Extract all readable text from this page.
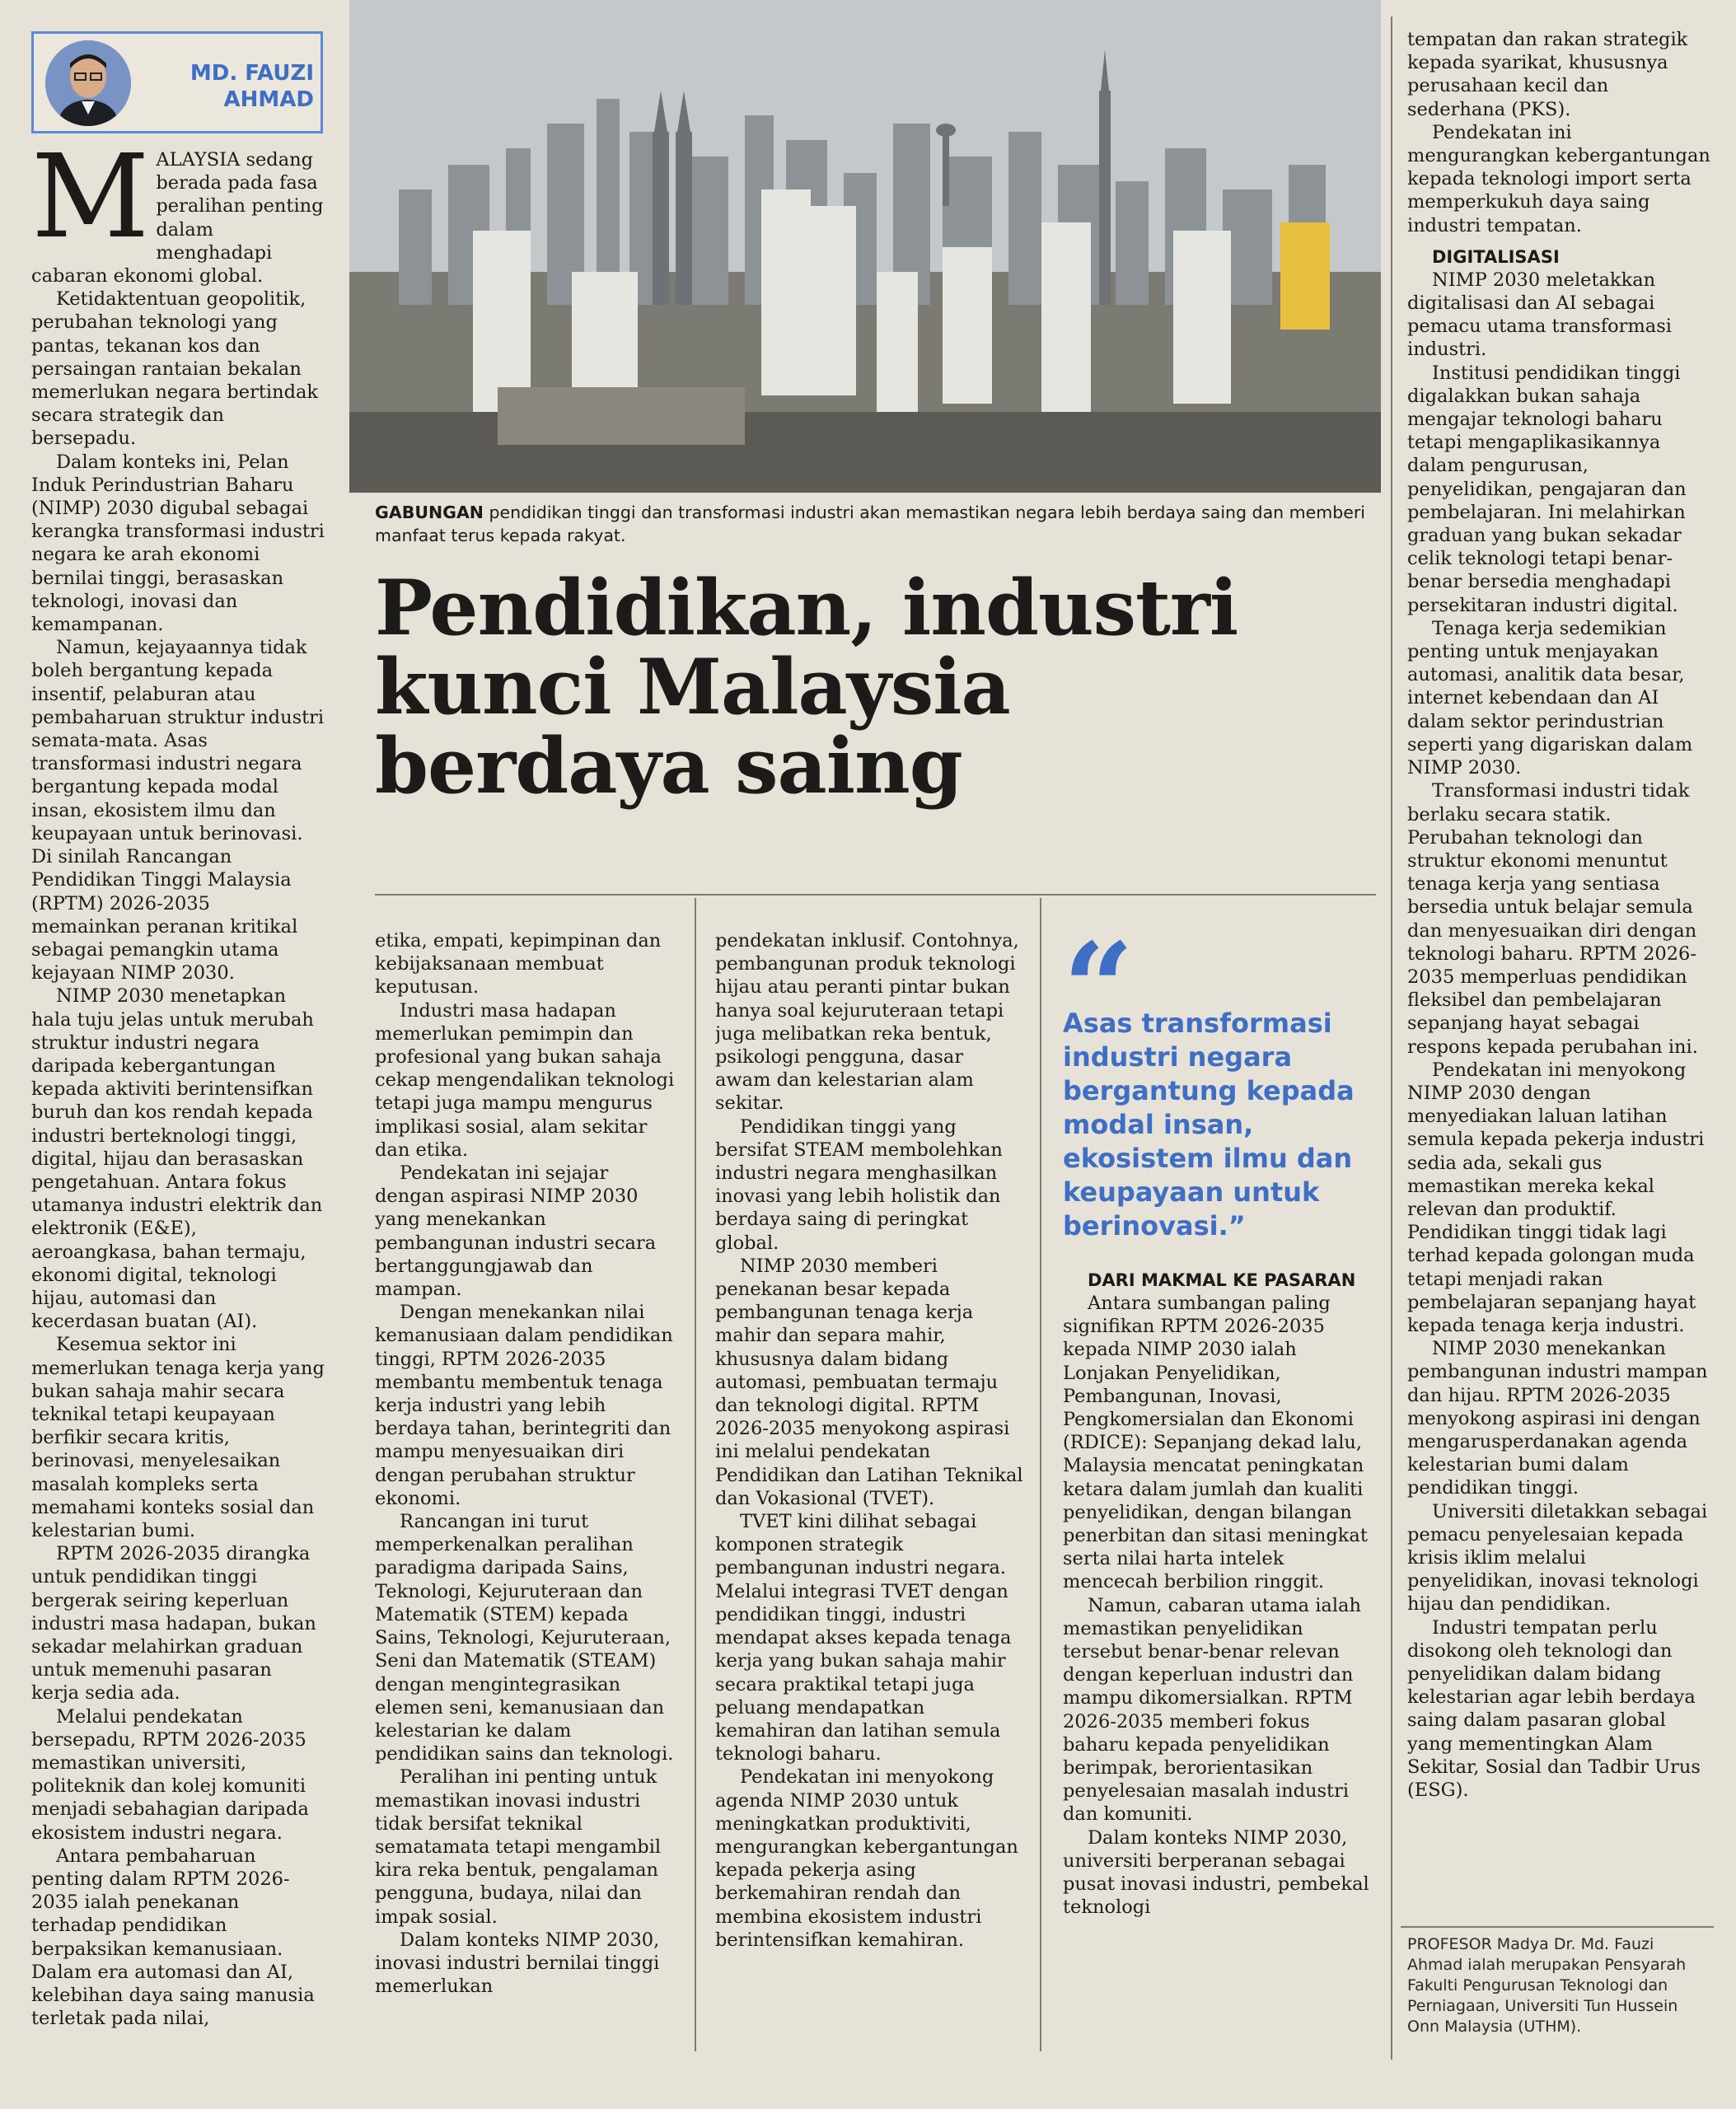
MD. FAUZI AHMAD
GABUNGAN pendidikan tinggi dan transformasi industri akan memastikan negara lebih berdaya saing dan memberi manfaat terus kepada rakyat.
Pendidikan, industri
kunci Malaysia
berdaya saing

MALAYSIA sedang berada pada fasa peralihan penting dalam menghadapi cabaran ekonomi global.

Ketidaktentuan geopolitik, perubahan teknologi yang pantas, tekanan kos dan persaingan rantaian bekalan memerlukan negara bertindak secara strategik dan bersepadu.

Dalam konteks ini, Pelan Induk Perindustrian Baharu (NIMP) 2030 digubal sebagai kerangka transformasi industri negara ke arah ekonomi bernilai tinggi, berasaskan teknologi, inovasi dan kemampanan.

Namun, kejayaannya tidak boleh bergantung kepada insentif, pelaburan atau pembaharuan struktur industri semata-mata. Asas transformasi industri negara bergantung kepada modal insan, ekosistem ilmu dan keupayaan untuk berinovasi. Di sinilah Rancangan Pendidikan Tinggi Malaysia (RPTM) 2026-2035 memainkan peranan kritikal sebagai pemangkin utama kejayaan NIMP 2030.

NIMP 2030 menetapkan hala tuju jelas untuk merubah struktur industri negara daripada kebergantungan kepada aktiviti berintensifkan buruh dan kos rendah kepada industri berteknologi tinggi, digital, hijau dan berasaskan pengetahuan. Antara fokus utamanya industri elektrik dan elektronik (E&E), aeroangkasa, bahan termaju, ekonomi digital, teknologi hijau, automasi dan kecerdasan buatan (AI).

Kesemua sektor ini memerlukan tenaga kerja yang bukan sahaja mahir secara teknikal tetapi keupayaan berfikir secara kritis, berinovasi, menyelesaikan masalah kompleks serta memahami konteks sosial dan kelestarian bumi.

RPTM 2026-2035 dirangka untuk pendidikan tinggi bergerak seiring keperluan industri masa hadapan, bukan sekadar melahirkan graduan untuk memenuhi pasaran kerja sedia ada.

Melalui pendekatan bersepadu, RPTM 2026-2035 memastikan universiti, politeknik dan kolej komuniti menjadi sebahagian daripada ekosistem industri negara.

Antara pembaharuan penting dalam RPTM 2026-2035 ialah penekanan terhadap pendidikan berpaksikan kemanusiaan. Dalam era automasi dan AI, kelebihan daya saing manusia terletak pada nilai,

etika, empati, kepimpinan dan kebijaksanaan membuat keputusan.

Industri masa hadapan memerlukan pemimpin dan profesional yang bukan sahaja cekap mengendalikan teknologi tetapi juga mampu mengurus implikasi sosial, alam sekitar dan etika.

Pendekatan ini sejajar dengan aspirasi NIMP 2030 yang menekankan pembangunan industri secara bertanggungjawab dan mampan.

Dengan menekankan nilai kemanusiaan dalam pendidikan tinggi, RPTM 2026-2035 membantu membentuk tenaga kerja industri yang lebih berdaya tahan, berintegriti dan mampu menyesuaikan diri dengan perubahan struktur ekonomi.

Rancangan ini turut memperkenalkan peralihan paradigma daripada Sains, Teknologi, Kejuruteraan dan Matematik (STEM) kepada Sains, Teknologi, Kejuruteraan, Seni dan Matematik (STEAM) dengan mengintegrasikan elemen seni, kemanusiaan dan kelestarian ke dalam pendidikan sains dan teknologi.

Peralihan ini penting untuk memastikan inovasi industri tidak bersifat teknikal sematamata tetapi mengambil kira reka bentuk, pengalaman pengguna, budaya, nilai dan impak sosial.

Dalam konteks NIMP 2030, inovasi industri bernilai tinggi memerlukan

pendekatan inklusif. Contohnya, pembangunan produk teknologi hijau atau peranti pintar bukan hanya soal kejuruteraan tetapi juga melibatkan reka bentuk, psikologi pengguna, dasar awam dan kelestarian alam sekitar.

Pendidikan tinggi yang bersifat STEAM membolehkan industri negara menghasilkan inovasi yang lebih holistik dan berdaya saing di peringkat global.

NIMP 2030 memberi penekanan besar kepada pembangunan tenaga kerja mahir dan separa mahir, khususnya dalam bidang automasi, pembuatan termaju dan teknologi digital. RPTM 2026-2035 menyokong aspirasi ini melalui pendekatan Pendidikan dan Latihan Teknikal dan Vokasional (TVET).

TVET kini dilihat sebagai komponen strategik pembangunan industri negara. Melalui integrasi TVET dengan pendidikan tinggi, industri mendapat akses kepada tenaga kerja yang bukan sahaja mahir secara praktikal tetapi juga peluang mendapatkan kemahiran dan latihan semula teknologi baharu.

Pendekatan ini menyokong agenda NIMP 2030 untuk meningkatkan produktiviti, mengurangkan kebergantungan kepada pekerja asing berkemahiran rendah dan membina ekosistem industri berintensifkan kemahiran.

“
Asas transformasi industri negara bergantung kepada modal insan, ekosistem ilmu dan keupayaan untuk berinovasi.”
DARI MAKMAL KE PASARAN

Antara sumbangan paling signifikan RPTM 2026-2035 kepada NIMP 2030 ialah Lonjakan Penyelidikan, Pembangunan, Inovasi, Pengkomersialan dan Ekonomi (RDICE): Sepanjang dekad lalu, Malaysia mencatat peningkatan ketara dalam jumlah dan kualiti penyelidikan, dengan bilangan penerbitan dan sitasi meningkat serta nilai harta intelek mencecah berbilion ringgit.

Namun, cabaran utama ialah memastikan penyelidikan tersebut benar-benar relevan dengan keperluan industri dan mampu dikomersialkan. RPTM 2026-2035 memberi fokus baharu kepada penyelidikan berimpak, berorientasikan penyelesaian masalah industri dan komuniti.

Dalam konteks NIMP 2030, universiti berperanan sebagai pusat inovasi industri, pembekal teknologi

tempatan dan rakan strategik kepada syarikat, khususnya perusahaan kecil dan sederhana (PKS).

Pendekatan ini mengurangkan kebergantungan kepada teknologi import serta memperkukuh daya saing industri tempatan.

DIGITALISASI

NIMP 2030 meletakkan digitalisasi dan AI sebagai pemacu utama transformasi industri.

Institusi pendidikan tinggi digalakkan bukan sahaja mengajar teknologi baharu tetapi mengaplikasikannya dalam pengurusan, penyelidikan, pengajaran dan pembelajaran. Ini melahirkan graduan yang bukan sekadar celik teknologi tetapi benar-benar bersedia menghadapi persekitaran industri digital.

Tenaga kerja sedemikian penting untuk menjayakan automasi, analitik data besar, internet kebendaan dan AI dalam sektor perindustrian seperti yang digariskan dalam NIMP 2030.

Transformasi industri tidak berlaku secara statik. Perubahan teknologi dan struktur ekonomi menuntut tenaga kerja yang sentiasa bersedia untuk belajar semula dan menyesuaikan diri dengan teknologi baharu. RPTM 2026-2035 memperluas pendidikan fleksibel dan pembelajaran sepanjang hayat sebagai respons kepada perubahan ini.

Pendekatan ini menyokong NIMP 2030 dengan menyediakan laluan latihan semula kepada pekerja industri sedia ada, sekali gus memastikan mereka kekal relevan dan produktif. Pendidikan tinggi tidak lagi terhad kepada golongan muda tetapi menjadi rakan pembelajaran sepanjang hayat kepada tenaga kerja industri.

NIMP 2030 menekankan pembangunan industri mampan dan hijau. RPTM 2026-2035 menyokong aspirasi ini dengan mengarusperdanakan agenda kelestarian bumi dalam pendidikan tinggi.

Universiti diletakkan sebagai pemacu penyelesaian kepada krisis iklim melalui penyelidikan, inovasi teknologi hijau dan pendidikan.

Industri tempatan perlu disokong oleh teknologi dan penyelidikan dalam bidang kelestarian agar lebih berdaya saing dalam pasaran global yang mementingkan Alam Sekitar, Sosial dan Tadbir Urus (ESG).

PROFESOR Madya Dr. Md. Fauzi Ahmad ialah merupakan Pensyarah Fakulti Pengurusan Teknologi dan Perniagaan, Universiti Tun Hussein Onn Malaysia (UTHM).
